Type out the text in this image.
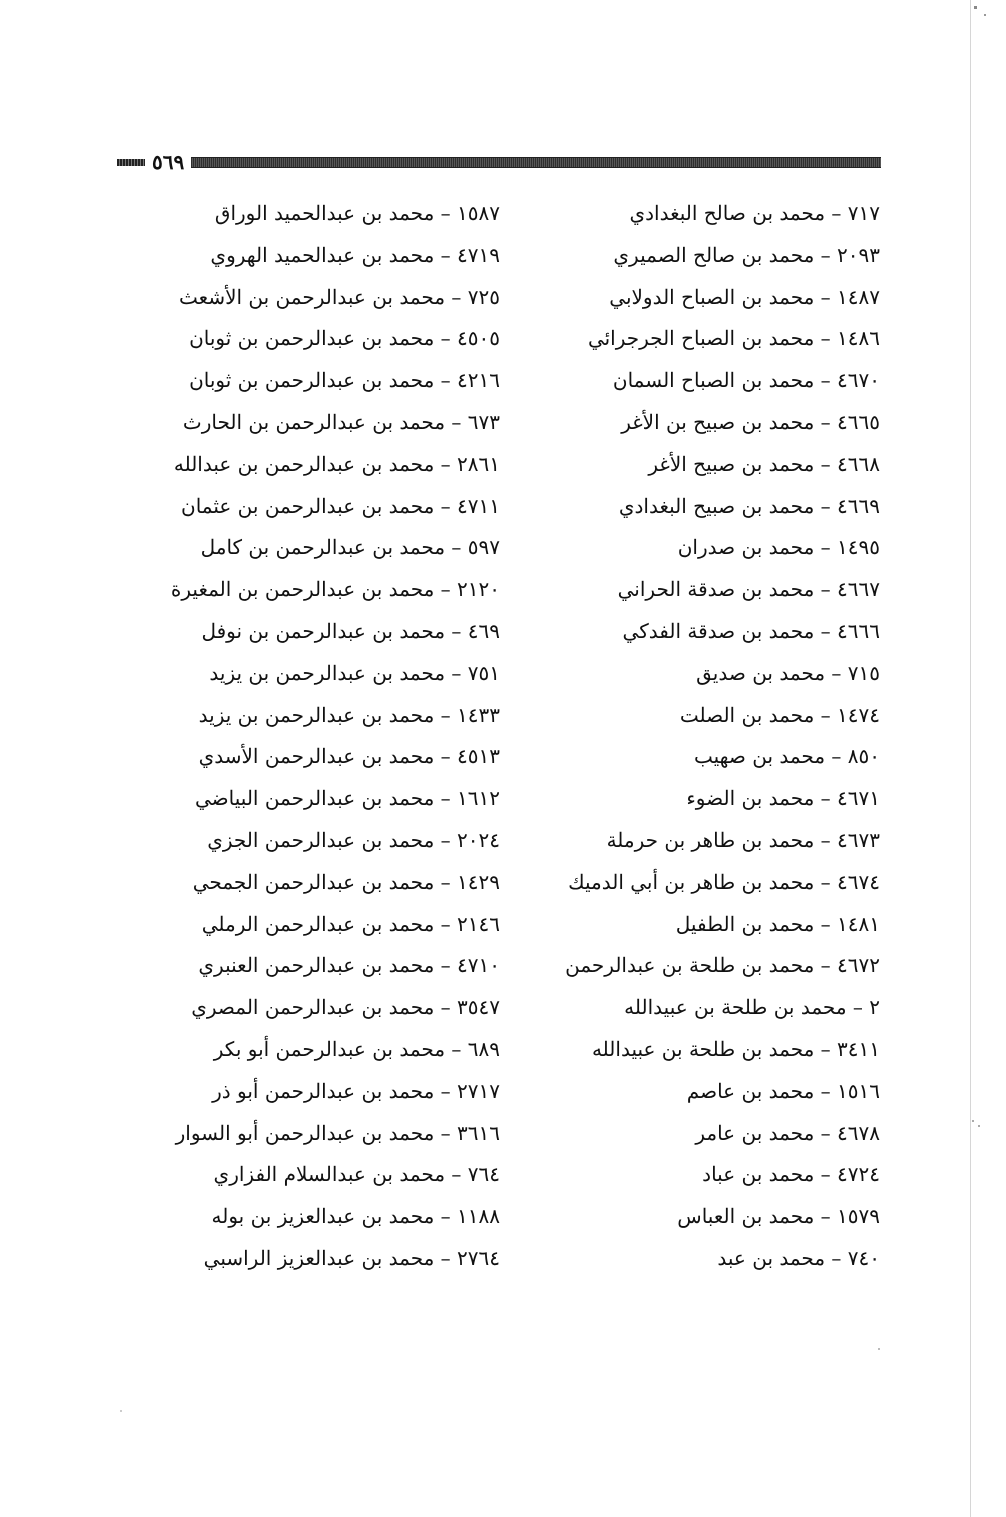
٥٦٩
٧١٧ – محمد بن صالح البغدادي
٢٠٩٣ – محمد بن صالح الصميري
١٤٨٧ – محمد بن الصباح الدولابي
١٤٨٦ – محمد بن الصباح الجرجرائي
٤٦٧٠ – محمد بن الصباح السمان
٤٦٦٥ – محمد بن صبيح بن الأغر
٤٦٦٨ – محمد بن صبيح الأغر
٤٦٦٩ – محمد بن صبيح البغدادي
١٤٩٥ – محمد بن صدران
٤٦٦٧ – محمد بن صدقة الحراني
٤٦٦٦ – محمد بن صدقة الفدكي
٧١٥ – محمد بن صديق
١٤٧٤ – محمد بن الصلت
٨٥٠ – محمد بن صهيب
٤٦٧١ – محمد بن الضوء
٤٦٧٣ – محمد بن طاهر بن حرملة
٤٦٧٤ – محمد بن طاهر بن أبي الدميك
١٤٨١ – محمد بن الطفيل
٤٦٧٢ – محمد بن طلحة بن عبدالرحمن
٢ – محمد بن طلحة بن عبيدالله
٣٤١١ – محمد بن طلحة بن عبيدالله
١٥١٦ – محمد بن عاصم
٤٦٧٨ – محمد بن عامر
٤٧٢٤ – محمد بن عباد
١٥٧٩ – محمد بن العباس
٧٤٠ – محمد بن عبد
١٥٨٧ – محمد بن عبدالحميد الوراق
٤٧١٩ – محمد بن عبدالحميد الهروي
٧٢٥ – محمد بن عبدالرحمن بن الأشعث
٤٥٠٥ – محمد بن عبدالرحمن بن ثوبان
٤٢١٦ – محمد بن عبدالرحمن بن ثوبان
٦٧٣ – محمد بن عبدالرحمن بن الحارث
٢٨٦١ – محمد بن عبدالرحمن بن عبدالله
٤٧١١ – محمد بن عبدالرحمن بن عثمان
٥٩٧ – محمد بن عبدالرحمن بن كامل
٢١٢٠ – محمد بن عبدالرحمن بن المغيرة
٤٦٩ – محمد بن عبدالرحمن بن نوفل
٧٥١ – محمد بن عبدالرحمن بن يزيد
١٤٣٣ – محمد بن عبدالرحمن بن يزيد
٤٥١٣ – محمد بن عبدالرحمن الأسدي
١٦١٢ – محمد بن عبدالرحمن البياضي
٢٠٢٤ – محمد بن عبدالرحمن الجزي
١٤٢٩ – محمد بن عبدالرحمن الجمحي
٢١٤٦ – محمد بن عبدالرحمن الرملي
٤٧١٠ – محمد بن عبدالرحمن العنبري
٣٥٤٧ – محمد بن عبدالرحمن المصري
٦٨٩ – محمد بن عبدالرحمن أبو بكر
٢٧١٧ – محمد بن عبدالرحمن أبو ذر
٣٦١٦ – محمد بن عبدالرحمن أبو السوار
٧٦٤ – محمد بن عبدالسلام الفزاري
١١٨٨ – محمد بن عبدالعزيز بن بوله
٢٧٦٤ – محمد بن عبدالعزيز الراسبي
